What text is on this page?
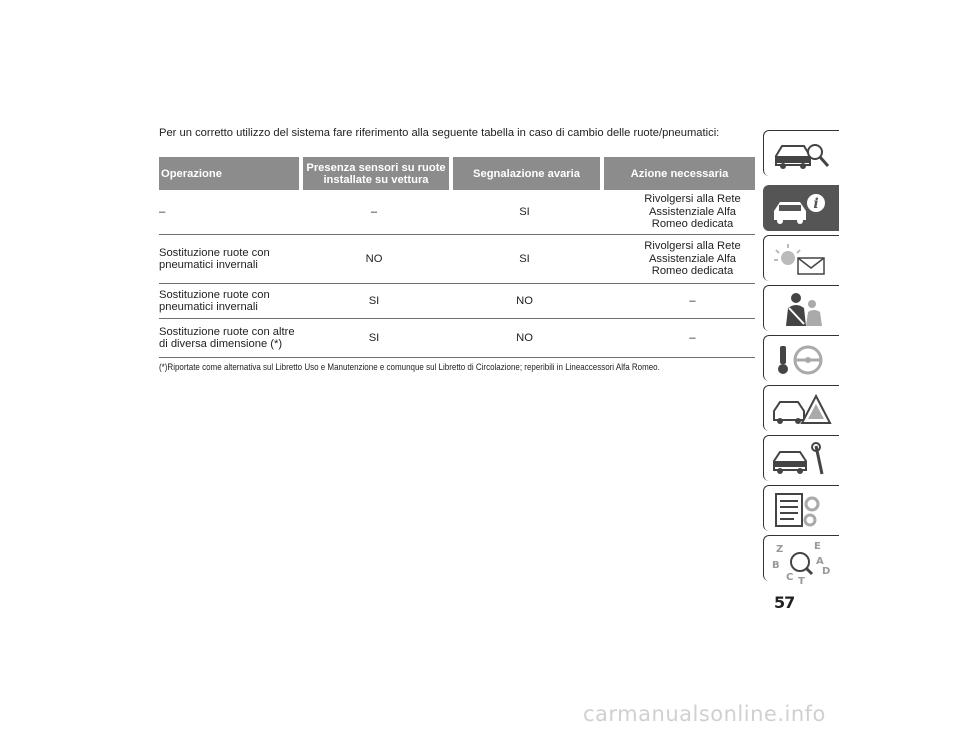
Per un corretto utilizzo del sistema fare riferimento alla seguente tabella in caso di cambio delle ruote/pneumatici:
Operazione	Presenza sensori su ruote installate su vettura	Segnalazione avaria	Azione necessaria
–	–	SI	Rivolgersi alla Rete Assistenziale Alfa Romeo dedicata
Sostituzione ruote con pneumatici invernali	NO	SI	Rivolgersi alla Rete Assistenziale Alfa Romeo dedicata
Sostituzione ruote con pneumatici invernali	SI	NO	–
Sostituzione ruote con altre di diversa dimensione (*)	SI	NO	–
(*)Riportate come alternativa sul Libretto Uso e Manutenzione e comunque sul Libretto di Circolazione; reperibili in Lineaccessori Alfa Romeo.
i
Z	E
B	A
D
C T
57
carmanualsonline.info
